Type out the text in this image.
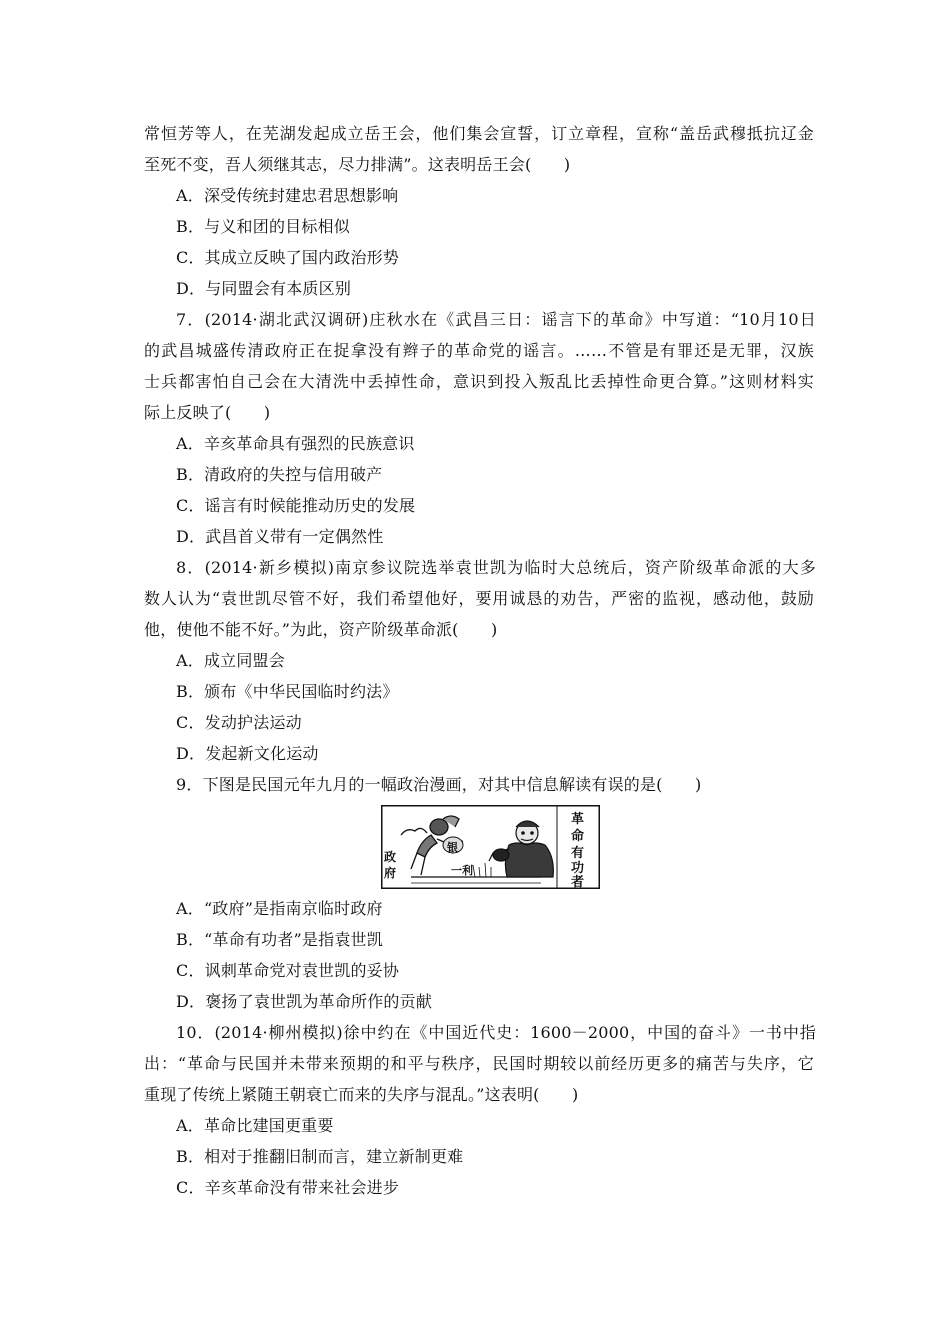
常恒芳等人，在芜湖发起成立岳王会，他们集会宣誓，订立章程，宣称“盖岳武穆抵抗辽金
至死不变，吾人须继其志，尽力排满”。这表明岳王会(　　)
A．深受传统封建忠君思想影响
B．与义和团的目标相似
C．其成立反映了国内政治形势
D．与同盟会有本质区别
7．(2014·湖北武汉调研)庄秋水在《武昌三日：谣言下的革命》中写道：“10月10日
的武昌城盛传清政府正在捉拿没有辫子的革命党的谣言。……不管是有罪还是无罪，汉族
士兵都害怕自己会在大清洗中丢掉性命，意识到投入叛乱比丢掉性命更合算。”这则材料实
际上反映了(　　)
A．辛亥革命具有强烈的民族意识
B．清政府的失控与信用破产
C．谣言有时候能推动历史的发展
D．武昌首义带有一定偶然性
8．(2014·新乡模拟)南京参议院选举袁世凯为临时大总统后，资产阶级革命派的大多
数人认为“袁世凯尽管不好，我们希望他好，要用诚恳的劝告，严密的监视，感动他，鼓励
他，使他不能不好。”为此，资产阶级革命派(　　)
A．成立同盟会
B．颁布《中华民国临时约法》
C．发动护法运动
D．发起新文化运动
9．下图是民国元年九月的一幅政治漫画，对其中信息解读有误的是(　　)
革
命
有
功
者
银
政
府	一利
A．“政府”是指南京临时政府
B．“革命有功者”是指袁世凯
C．讽刺革命党对袁世凯的妥协
D．褒扬了袁世凯为革命所作的贡献
10．(2014·柳州模拟)徐中约在《中国近代史：1600－2000，中国的奋斗》一书中指
出：“革命与民国并未带来预期的和平与秩序，民国时期较以前经历更多的痛苦与失序，它
重现了传统上紧随王朝衰亡而来的失序与混乱。”这表明(　　)
A．革命比建国更重要
B．相对于推翻旧制而言，建立新制更难
C．辛亥革命没有带来社会进步
